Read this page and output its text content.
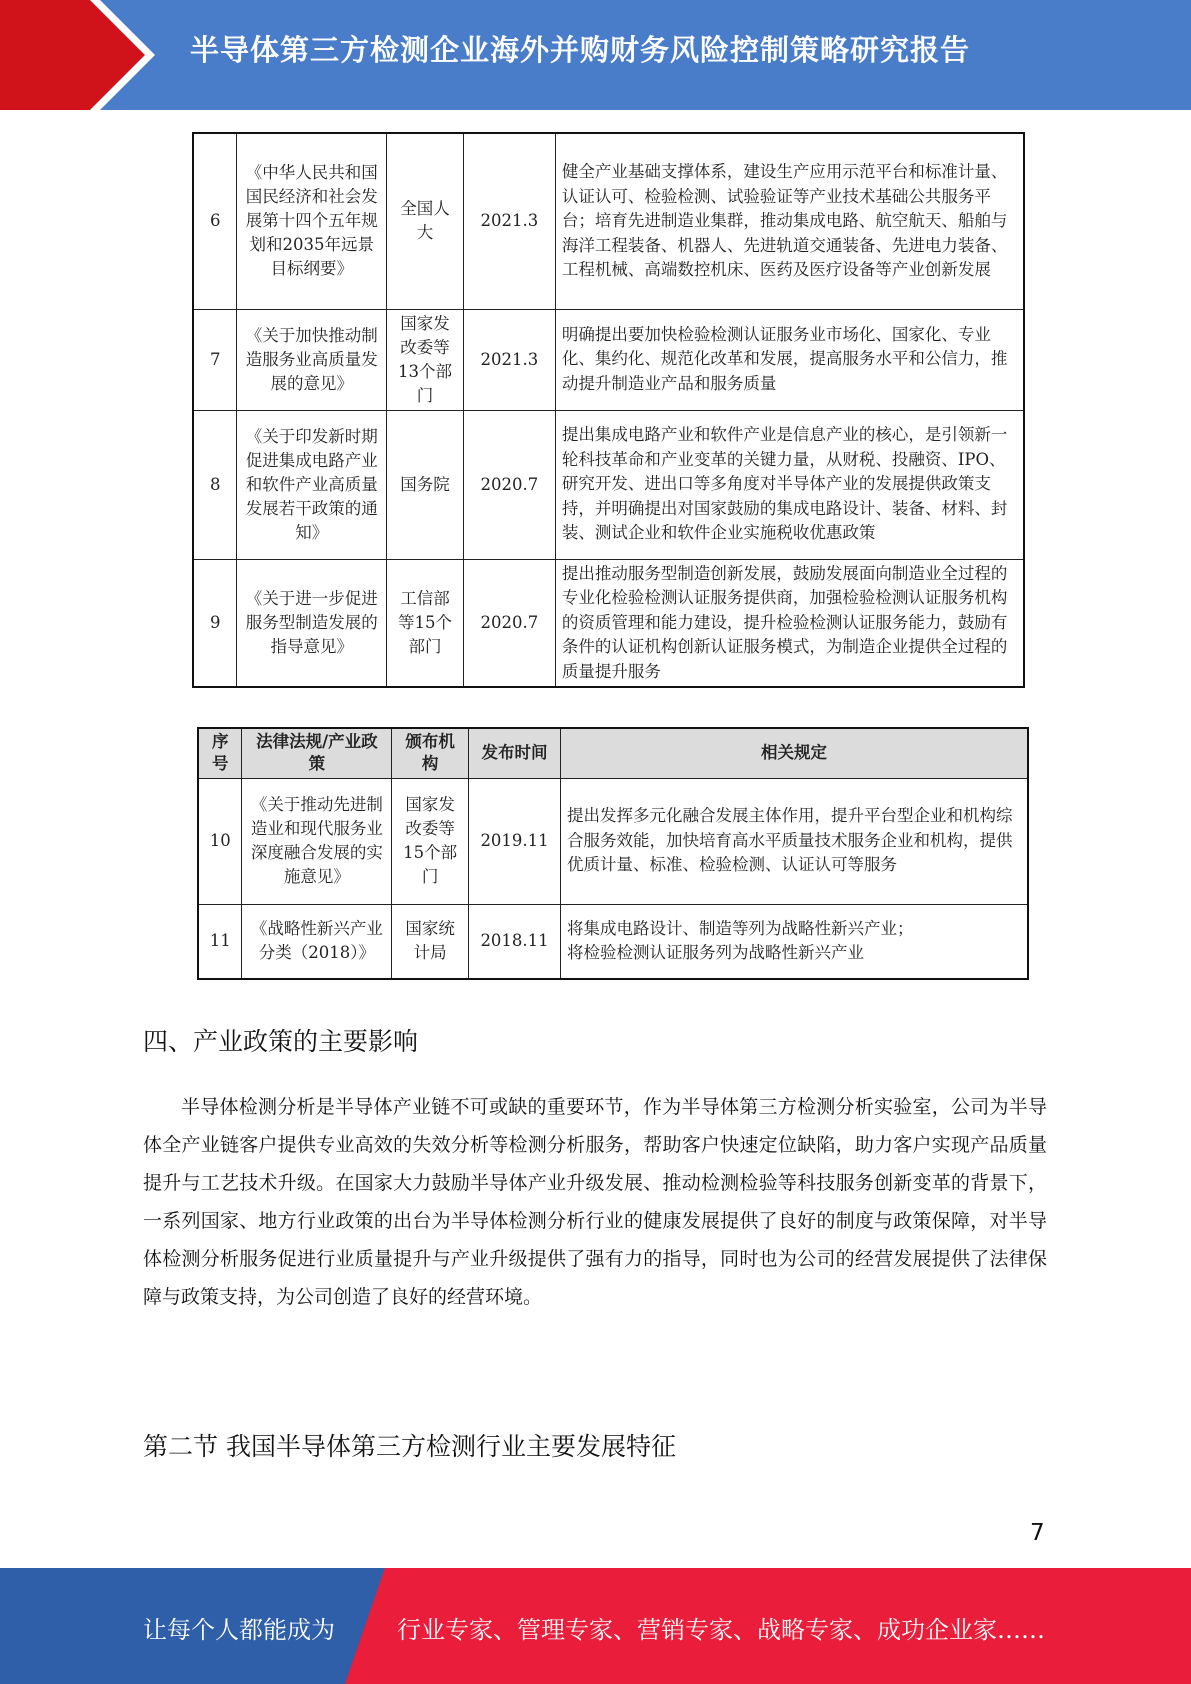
半导体第三方检测企业海外并购财务风险控制策略研究报告
6	《中华人民共和国国民经济和社会发展第十四个五年规划和2035年远景目标纲要》	全国人大	2021.3	健全产业基础支撑体系，建设生产应用示范平台和标准计量、认证认可、检验检测、试验验证等产业技术基础公共服务平台；培育先进制造业集群，推动集成电路、航空航天、船舶与海洋工程装备、机器人、先进轨道交通装备、先进电力装备、工程机械、高端数控机床、医药及医疗设备等产业创新发展
7	《关于加快推动制造服务业高质量发展的意见》	国家发改委等13个部门	2021.3	明确提出要加快检验检测认证服务业市场化、国家化、专业化、集约化、规范化改革和发展，提高服务水平和公信力，推动提升制造业产品和服务质量
8	《关于印发新时期促进集成电路产业和软件产业高质量发展若干政策的通知》	国务院	2020.7	提出集成电路产业和软件产业是信息产业的核心，是引领新一轮科技革命和产业变革的关键力量，从财税、投融资、IPO、研究开发、进出口等多角度对半导体产业的发展提供政策支持，并明确提出对国家鼓励的集成电路设计、装备、材料、封装、测试企业和软件企业实施税收优惠政策
9	《关于进一步促进服务型制造发展的指导意见》	工信部等15个部门	2020.7	提出推动服务型制造创新发展，鼓励发展面向制造业全过程的专业化检验检测认证服务提供商，加强检验检测认证服务机构的资质管理和能力建设，提升检验检测认证服务能力，鼓励有条件的认证机构创新认证服务模式，为制造企业提供全过程的质量提升服务
序号	法律法规/产业政策	颁布机构	发布时间	相关规定
10	《关于推动先进制造业和现代服务业深度融合发展的实施意见》	国家发改委等15个部门	2019.11	提出发挥多元化融合发展主体作用，提升平台型企业和机构综合服务效能，加快培育高水平质量技术服务企业和机构，提供优质计量、标准、检验检测、认证认可等服务
11	《战略性新兴产业分类（2018）》	国家统计局	2018.11	将集成电路设计、制造等列为战略性新兴产业；
将检验检测认证服务列为战略性新兴产业
四、产业政策的主要影响
半导体检测分析是半导体产业链不可或缺的重要环节，作为半导体第三方检测分析实验室，公司为半导体全产业链客户提供专业高效的失效分析等检测分析服务，帮助客户快速定位缺陷，助力客户实现产品质量提升与工艺技术升级。在国家大力鼓励半导体产业升级发展、推动检测检验等科技服务创新变革的背景下，一系列国家、地方行业政策的出台为半导体检测分析行业的健康发展提供了良好的制度与政策保障，对半导体检测分析服务促进行业质量提升与产业升级提供了强有力的指导，同时也为公司的经营发展提供了法律保障与政策支持，为公司创造了良好的经营环境。
第二节 我国半导体第三方检测行业主要发展特征
7
让每个人都能成为	行业专家、管理专家、营销专家、战略专家、成功企业家……
